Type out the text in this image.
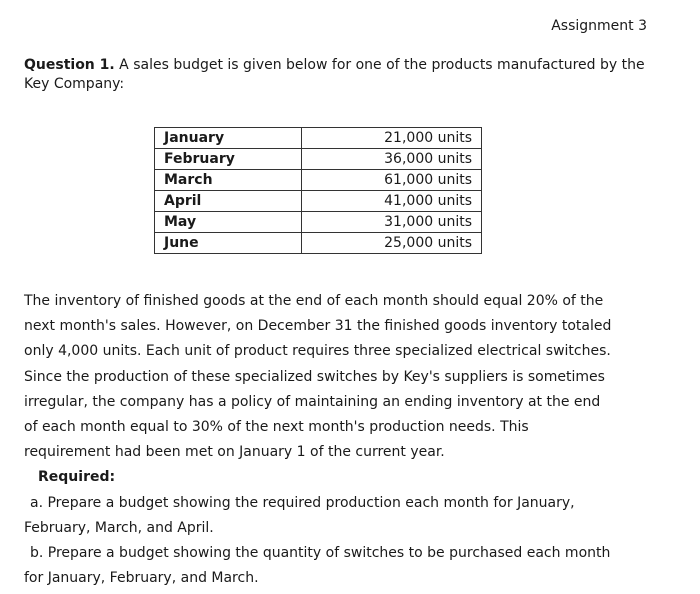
Assignment 3
Question 1. A sales budget is given below for one of the products manufactured by the Key Company:
January	21,000 units
February	36,000 units
March	61,000 units
April	41,000 units
May	31,000 units
June	25,000 units

The inventory of finished goods at the end of each month should equal 20% of the

next month's sales. However, on December 31 the finished goods inventory totaled

only 4,000 units. Each unit of product requires three specialized electrical switches.

Since the production of these specialized switches by Key's suppliers is sometimes

irregular, the company has a policy of maintaining an ending inventory at the end

of each month equal to 30% of the next month's production needs. This

requirement had been met on January 1 of the current year.

Required:

a. Prepare a budget showing the required production each month for January,

February, March, and April.

b. Prepare a budget showing the quantity of switches to be purchased each month

for January, February, and March.
